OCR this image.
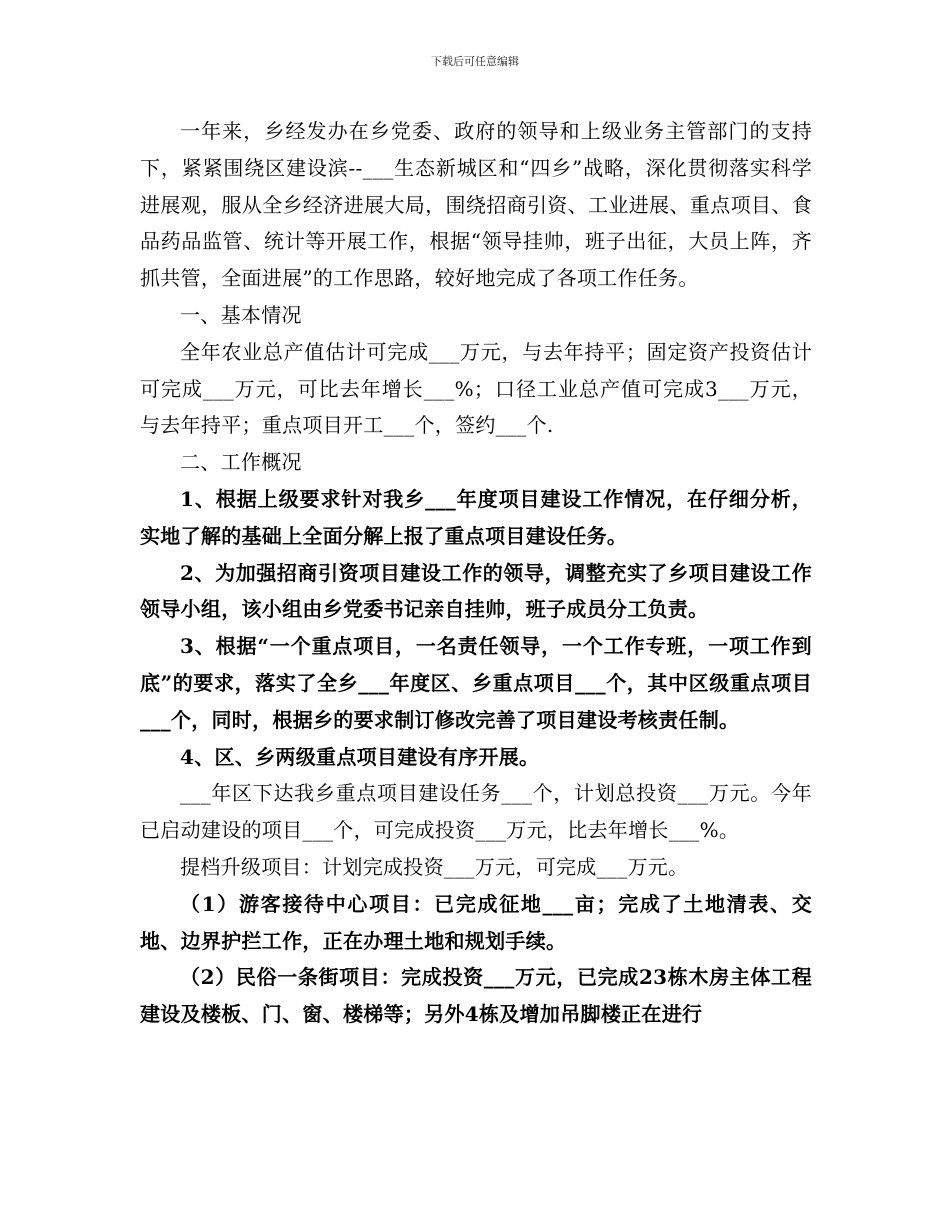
下载后可任意编辑

一年来，乡经发办在乡党委、政府的领导和上级业务主管部门的支持下，紧紧围绕区建设滨--___生态新城区和“四乡”战略，深化贯彻落实科学进展观，服从全乡经济进展大局，围绕招商引资、工业进展、重点项目、食品药品监管、统计等开展工作，根据“领导挂帅，班子出征，大员上阵，齐抓共管，全面进展”的工作思路，较好地完成了各项工作任务。

一、基本情况

全年农业总产值估计可完成___万元，与去年持平；固定资产投资估计可完成___万元，可比去年增长___%；口径工业总产值可完成3___万元，与去年持平；重点项目开工___个，签约___个.

二、工作概况

1、根据上级要求针对我乡___年度项目建设工作情况，在仔细分析，实地了解的基础上全面分解上报了重点项目建设任务。

2、为加强招商引资项目建设工作的领导，调整充实了乡项目建设工作领导小组，该小组由乡党委书记亲自挂帅，班子成员分工负责。

3、根据“一个重点项目，一名责任领导，一个工作专班，一项工作到底”的要求，落实了全乡___年度区、乡重点项目___个，其中区级重点项目___个，同时，根据乡的要求制订修改完善了项目建设考核责任制。

4、区、乡两级重点项目建设有序开展。

___年区下达我乡重点项目建设任务___个，计划总投资___万元。今年已启动建设的项目___个，可完成投资___万元，比去年增长___%。

提档升级项目：计划完成投资___万元，可完成___万元。

（1）游客接待中心项目：已完成征地___亩；完成了土地清表、交地、边界护拦工作，正在办理土地和规划手续。

（2）民俗一条街项目：完成投资___万元，已完成23栋木房主体工程建设及楼板、门、窗、楼梯等；另外4栋及增加吊脚楼正在进行
